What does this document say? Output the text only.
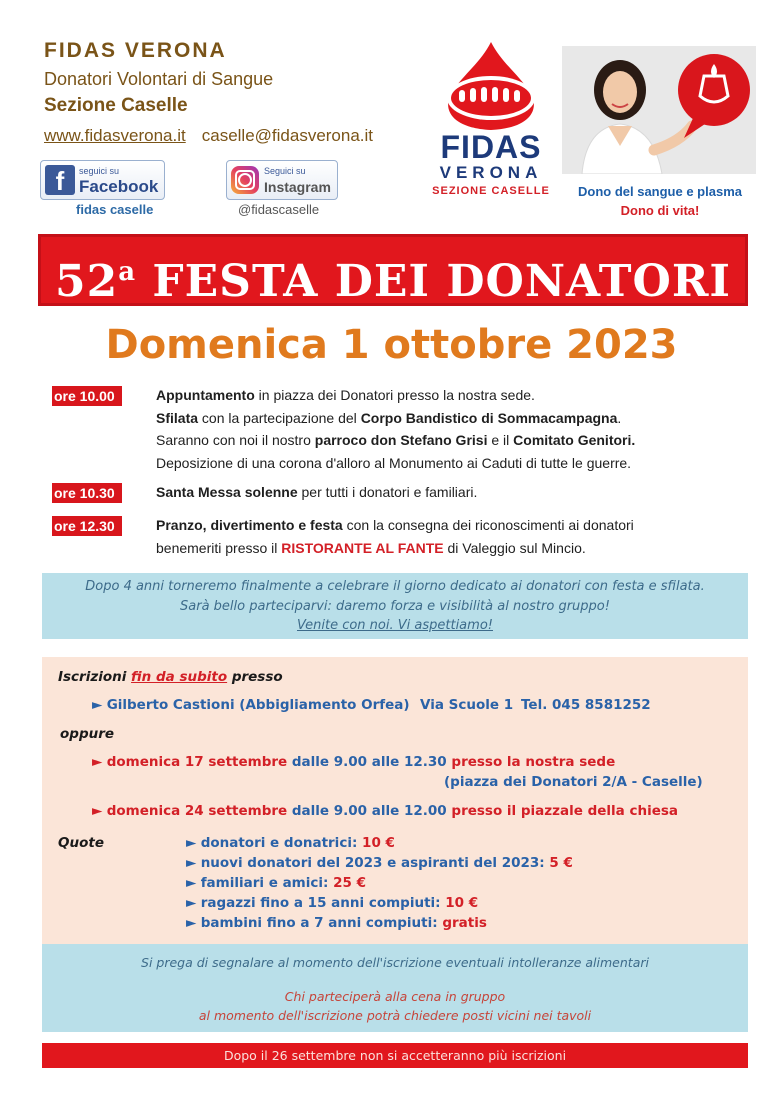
FIDAS VERONA
Donatori Volontari di Sangue
Sezione Caselle
www.fidasverona.it caselle@fidasverona.it
f	seguici su
Facebook
fidas caselle
Seguici su
Instagram
@fidascaselle
FIDAS
VERONA
SEZIONE CASELLE	Dono del sangue e plasma
Dono di vita!
52$^a$ FESTA DEI DONATORI
Domenica 1 ottobre 2023
ore 10.00	Appuntamento in piazza dei Donatori presso la nostra sede.
Sfilata con la partecipazione del Corpo Bandistico di Sommacampagna.
Saranno con noi il nostro parroco don Stefano Grisi e il Comitato Genitori.
Deposizione di una corona d'alloro al Monumento ai Caduti di tutte le guerre.
ore 10.30	Santa Messa solenne per tutti i donatori e familiari.
ore 12.30	Pranzo, divertimento e festa con la consegna dei riconoscimenti ai donatori
benemeriti presso il RISTORANTE AL FANTE di Valeggio sul Mincio.
Dopo 4 anni torneremo finalmente a celebrare il giorno dedicato ai donatori con festa e sfilata.
Sarà bello parteciparvi: daremo forza e visibilità al nostro gruppo!
Venite con noi. Vi aspettiamo!
Iscrizioni fin da subito presso
► Gilberto Castioni (Abbigliamento Orfea) Via Scuole 1 Tel. 045 8581252
oppure
► domenica 17 settembre dalle 9.00 alle 12.30 presso la nostra sede
(piazza dei Donatori 2/A - Caselle)
► domenica 24 settembre dalle 9.00 alle 12.00 presso il piazzale della chiesa
Quote	► donatori e donatrici: 10 €
► nuovi donatori del 2023 e aspiranti del 2023: 5 €
► familiari e amici: 25 €
► ragazzi fino a 15 anni compiuti: 10 €
► bambini fino a 7 anni compiuti: gratis
Si prega di segnalare al momento dell'iscrizione eventuali intolleranze alimentari
Chi parteciperà alla cena in gruppo
al momento dell'iscrizione potrà chiedere posti vicini nei tavoli
Dopo il 26 settembre non si accetteranno più iscrizioni
